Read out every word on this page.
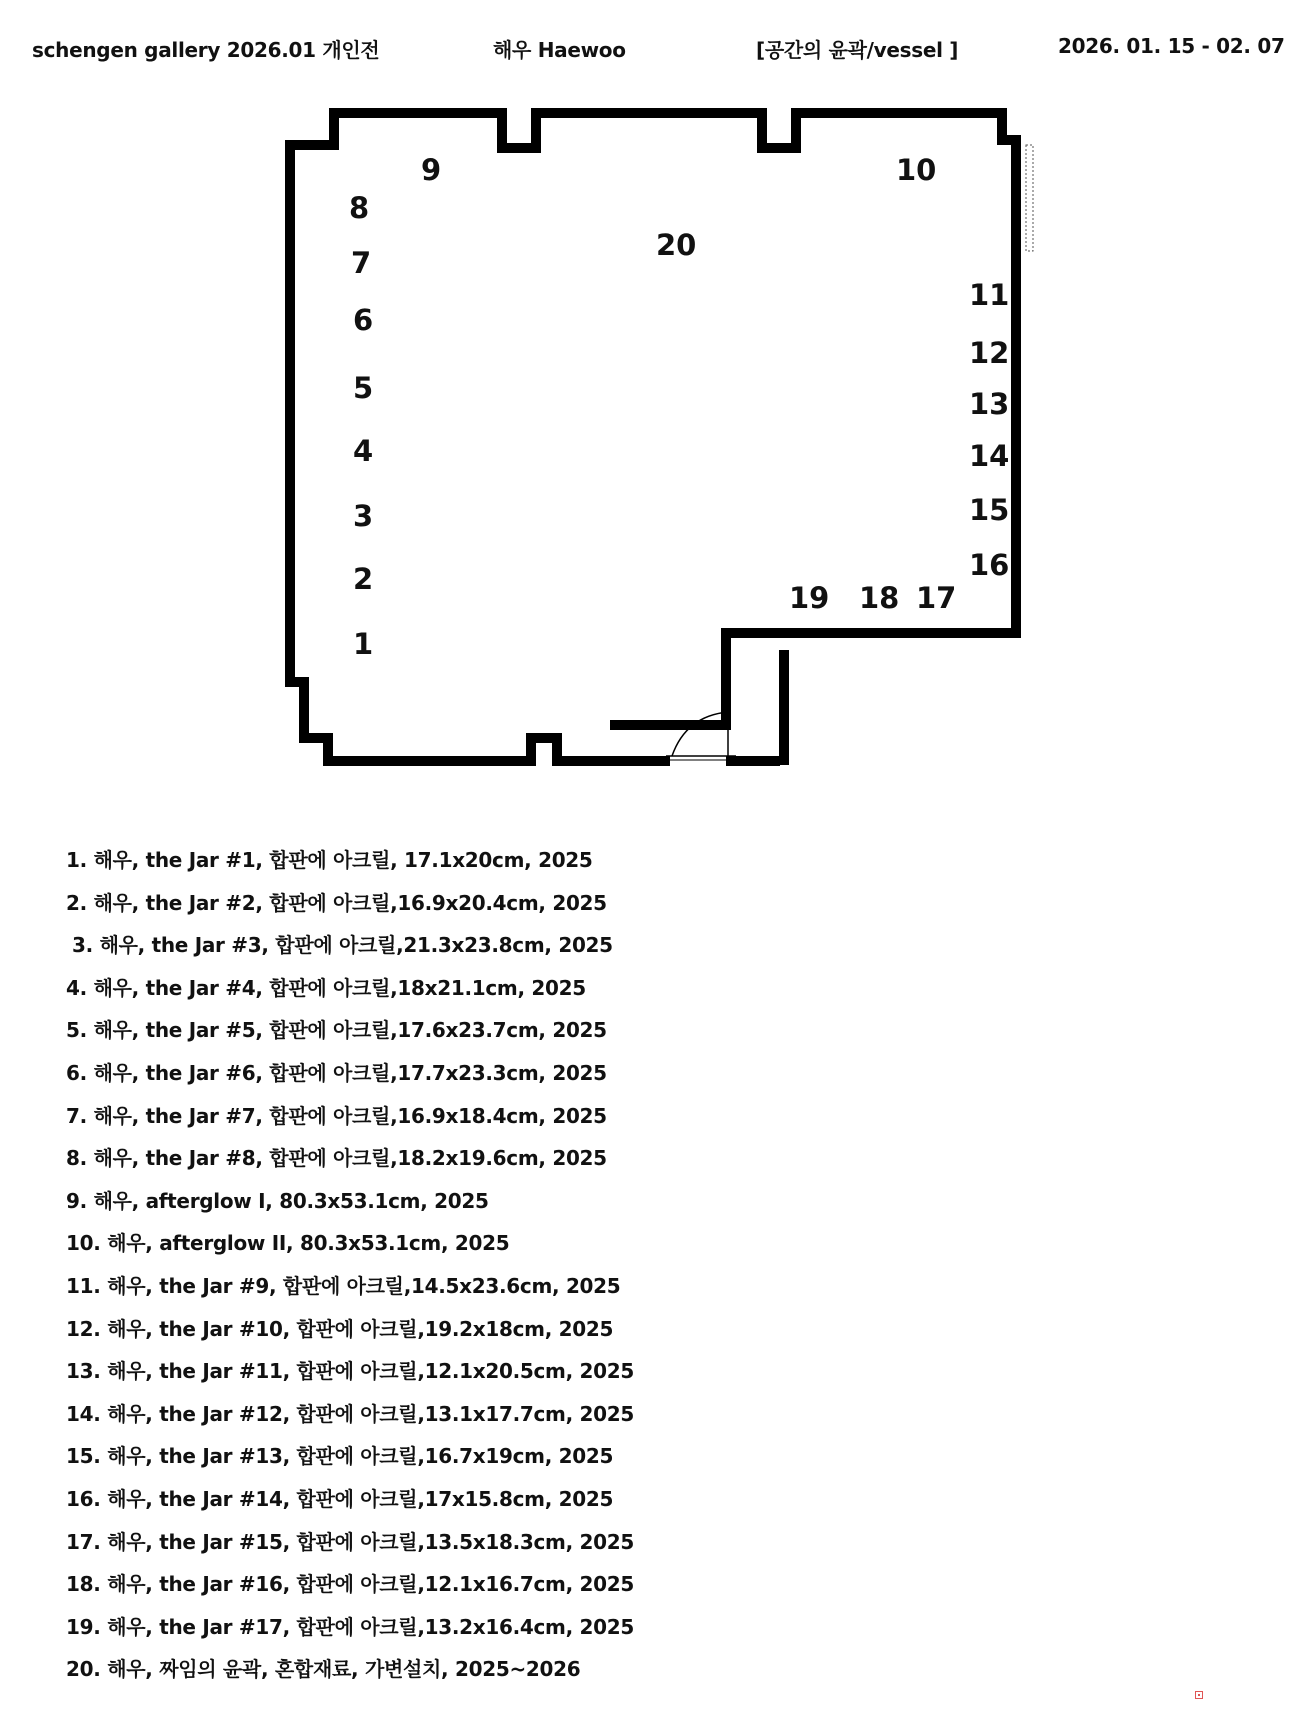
schengen gallery 2026.01 개인전	해우 Haewoo	[공간의 윤곽/vessel ]	2026. 01. 15 - 02. 07
1
2
3
4
5
6
7
8
9	10
11
12
13
14
15
16
17
18
19
20
1. 해우, the Jar #1, 합판에 아크릴, 17.1x20cm, 2025
2. 해우, the Jar #2, 합판에 아크릴,16.9x20.4cm, 2025
3. 해우, the Jar #3, 합판에 아크릴,21.3x23.8cm, 2025
4. 해우, the Jar #4, 합판에 아크릴,18x21.1cm, 2025
5. 해우, the Jar #5, 합판에 아크릴,17.6x23.7cm, 2025
6. 해우, the Jar #6, 합판에 아크릴,17.7x23.3cm, 2025
7. 해우, the Jar #7, 합판에 아크릴,16.9x18.4cm, 2025
8. 해우, the Jar #8, 합판에 아크릴,18.2x19.6cm, 2025
9. 해우, afterglow I, 80.3x53.1cm, 2025
10. 해우, afterglow II, 80.3x53.1cm, 2025
11. 해우, the Jar #9, 합판에 아크릴,14.5x23.6cm, 2025
12. 해우, the Jar #10, 합판에 아크릴,19.2x18cm, 2025
13. 해우, the Jar #11, 합판에 아크릴,12.1x20.5cm, 2025
14. 해우, the Jar #12, 합판에 아크릴,13.1x17.7cm, 2025
15. 해우, the Jar #13, 합판에 아크릴,16.7x19cm, 2025
16. 해우, the Jar #14, 합판에 아크릴,17x15.8cm, 2025
17. 해우, the Jar #15, 합판에 아크릴,13.5x18.3cm, 2025
18. 해우, the Jar #16, 합판에 아크릴,12.1x16.7cm, 2025
19. 해우, the Jar #17, 합판에 아크릴,13.2x16.4cm, 2025
20. 해우, 짜임의 윤곽, 혼합재료, 가변설치, 2025~2026
